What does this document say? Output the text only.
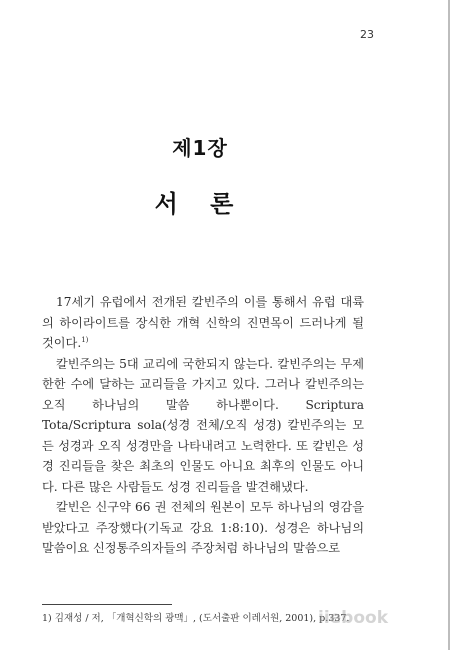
23
제1장
서 론

17세기 유럽에서 전개된 칼빈주의 이를 통해서 유럽 대륙의 하이라이트를 장식한 개혁 신학의 진면목이 드러나게 될 것이다.$^{1)}$

칼빈주의는 5대 교리에 국한되지 않는다. 칼빈주의는 무제한한 수에 달하는 교리들을 가지고 있다. 그러나 칼빈주의는 오직 하나님의 말씀 하나뿐이다. Scriptura Tota/Scriptura sola(성경 전체/오직 성경) 칼빈주의는 모든 성경과 오직 성경만을 나타내려고 노력한다. 또 칼빈은 성경 진리들을 찾은 최초의 인물도 아니요 최후의 인물도 아니다. 다른 많은 사람들도 성경 진리들을 발견해냈다.

칼빈은 신구약 66 권 전체의 원본이 모두 하나님의 영감을 받았다고 주장했다(기독교 강요 1:8:10). 성경은 하나님의 말씀이요 신정통주의자들의 주장처럼 하나님의 말씀으로

1) 김재성 / 저, 「개혁신학의 광맥」, (도서출판 이레서원, 2001), p.337.
iiebook
